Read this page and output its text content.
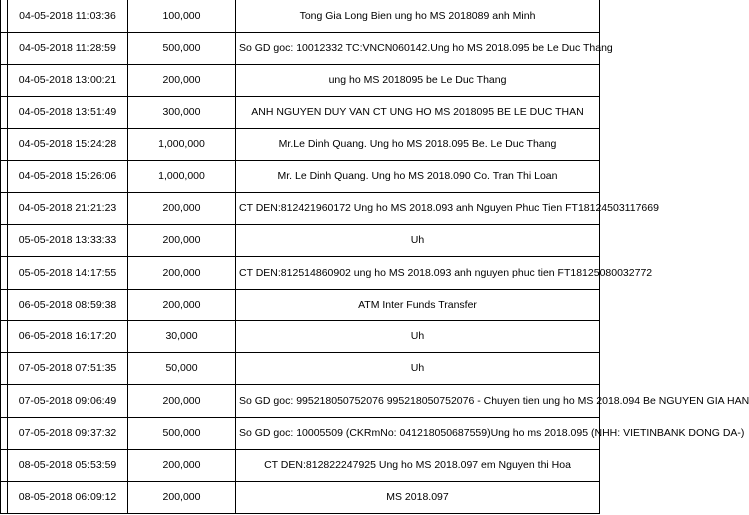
	04-05-2018 11:03:36	100,000	Tong Gia Long Bien ung ho MS 2018089 anh Minh
	04-05-2018 11:28:59	500,000	So GD goc: 10012332 TC:VNCN060142.Ung ho MS 2018.095 be Le Duc Thang
	04-05-2018 13:00:21	200,000	ung ho MS 2018095 be Le Duc Thang
	04-05-2018 13:51:49	300,000	ANH NGUYEN DUY VAN CT UNG HO MS 2018095 BE LE DUC THAN
	04-05-2018 15:24:28	1,000,000	Mr.Le Dinh Quang. Ung ho MS 2018.095 Be. Le Duc Thang
	04-05-2018 15:26:06	1,000,000	Mr. Le Dinh Quang. Ung ho MS 2018.090 Co. Tran Thi Loan
	04-05-2018 21:21:23	200,000	CT DEN:812421960172 Ung ho MS 2018.093 anh Nguyen Phuc Tien FT18124503117669
	05-05-2018 13:33:33	200,000	Uh
	05-05-2018 14:17:55	200,000	CT DEN:812514860902 ung ho MS 2018.093 anh nguyen phuc tien FT18125080032772
	06-05-2018 08:59:38	200,000	ATM Inter Funds Transfer
	06-05-2018 16:17:20	30,000	Uh
	07-05-2018 07:51:35	50,000	Uh
	07-05-2018 09:06:49	200,000	So GD goc: 995218050752076 995218050752076 - Chuyen tien ung ho MS 2018.094 Be NGUYEN GIA HAN
	07-05-2018 09:37:32	500,000	So GD goc: 10005509 (CKRmNo: 041218050687559)Ung ho ms 2018.095 (NHH: VIETINBANK DONG DA-)
	08-05-2018 05:53:59	200,000	CT DEN:812822247925 Ung ho MS 2018.097 em Nguyen thi Hoa
	08-05-2018 06:09:12	200,000	MS 2018.097
